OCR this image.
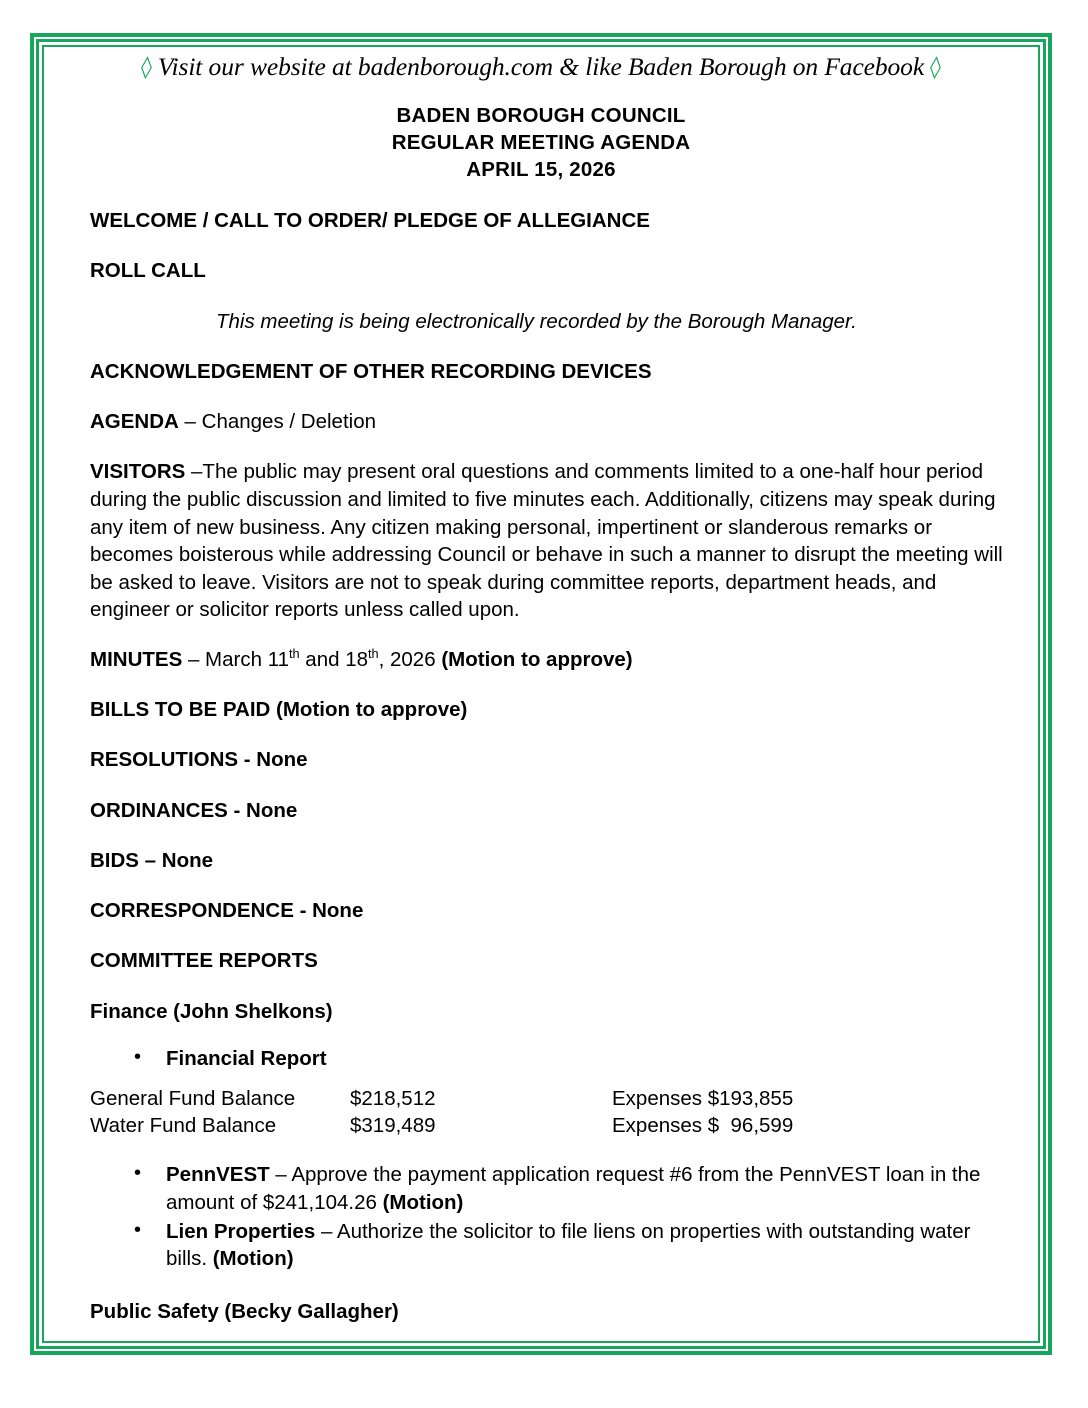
◊ Visit our website at badenborough.com & like Baden Borough on Facebook ◊
BADEN BOROUGH COUNCIL
REGULAR MEETING AGENDA
APRIL 15, 2026

WELCOME / CALL TO ORDER/ PLEDGE OF ALLEGIANCE

ROLL CALL

This meeting is being electronically recorded by the Borough Manager.

ACKNOWLEDGEMENT OF OTHER RECORDING DEVICES

AGENDA – Changes / Deletion

VISITORS –The public may present oral questions and comments limited to a one-half hour period during the public discussion and limited to five minutes each. Additionally, citizens may speak during any item of new business. Any citizen making personal, impertinent or slanderous remarks or becomes boisterous while addressing Council or behave in such a manner to disrupt the meeting will be asked to leave. Visitors are not to speak during committee reports, department heads, and engineer or solicitor reports unless called upon.

MINUTES – March 11th and 18th, 2026 (Motion to approve)

BILLS TO BE PAID (Motion to approve)

RESOLUTIONS - None

ORDINANCES - None

BIDS – None

CORRESPONDENCE - None

COMMITTEE REPORTS

Finance (John Shelkons)

• Financial Report
General Fund Balance	$218,512	Expenses $193,855
Water Fund Balance	$319,489	Expenses $  96,599
• PennVEST – Approve the payment application request #6 from the PennVEST loan in the amount of $241,104.26 (Motion)
• Lien Properties – Authorize the solicitor to file liens on properties with outstanding water bills. (Motion)

Public Safety (Becky Gallagher)
